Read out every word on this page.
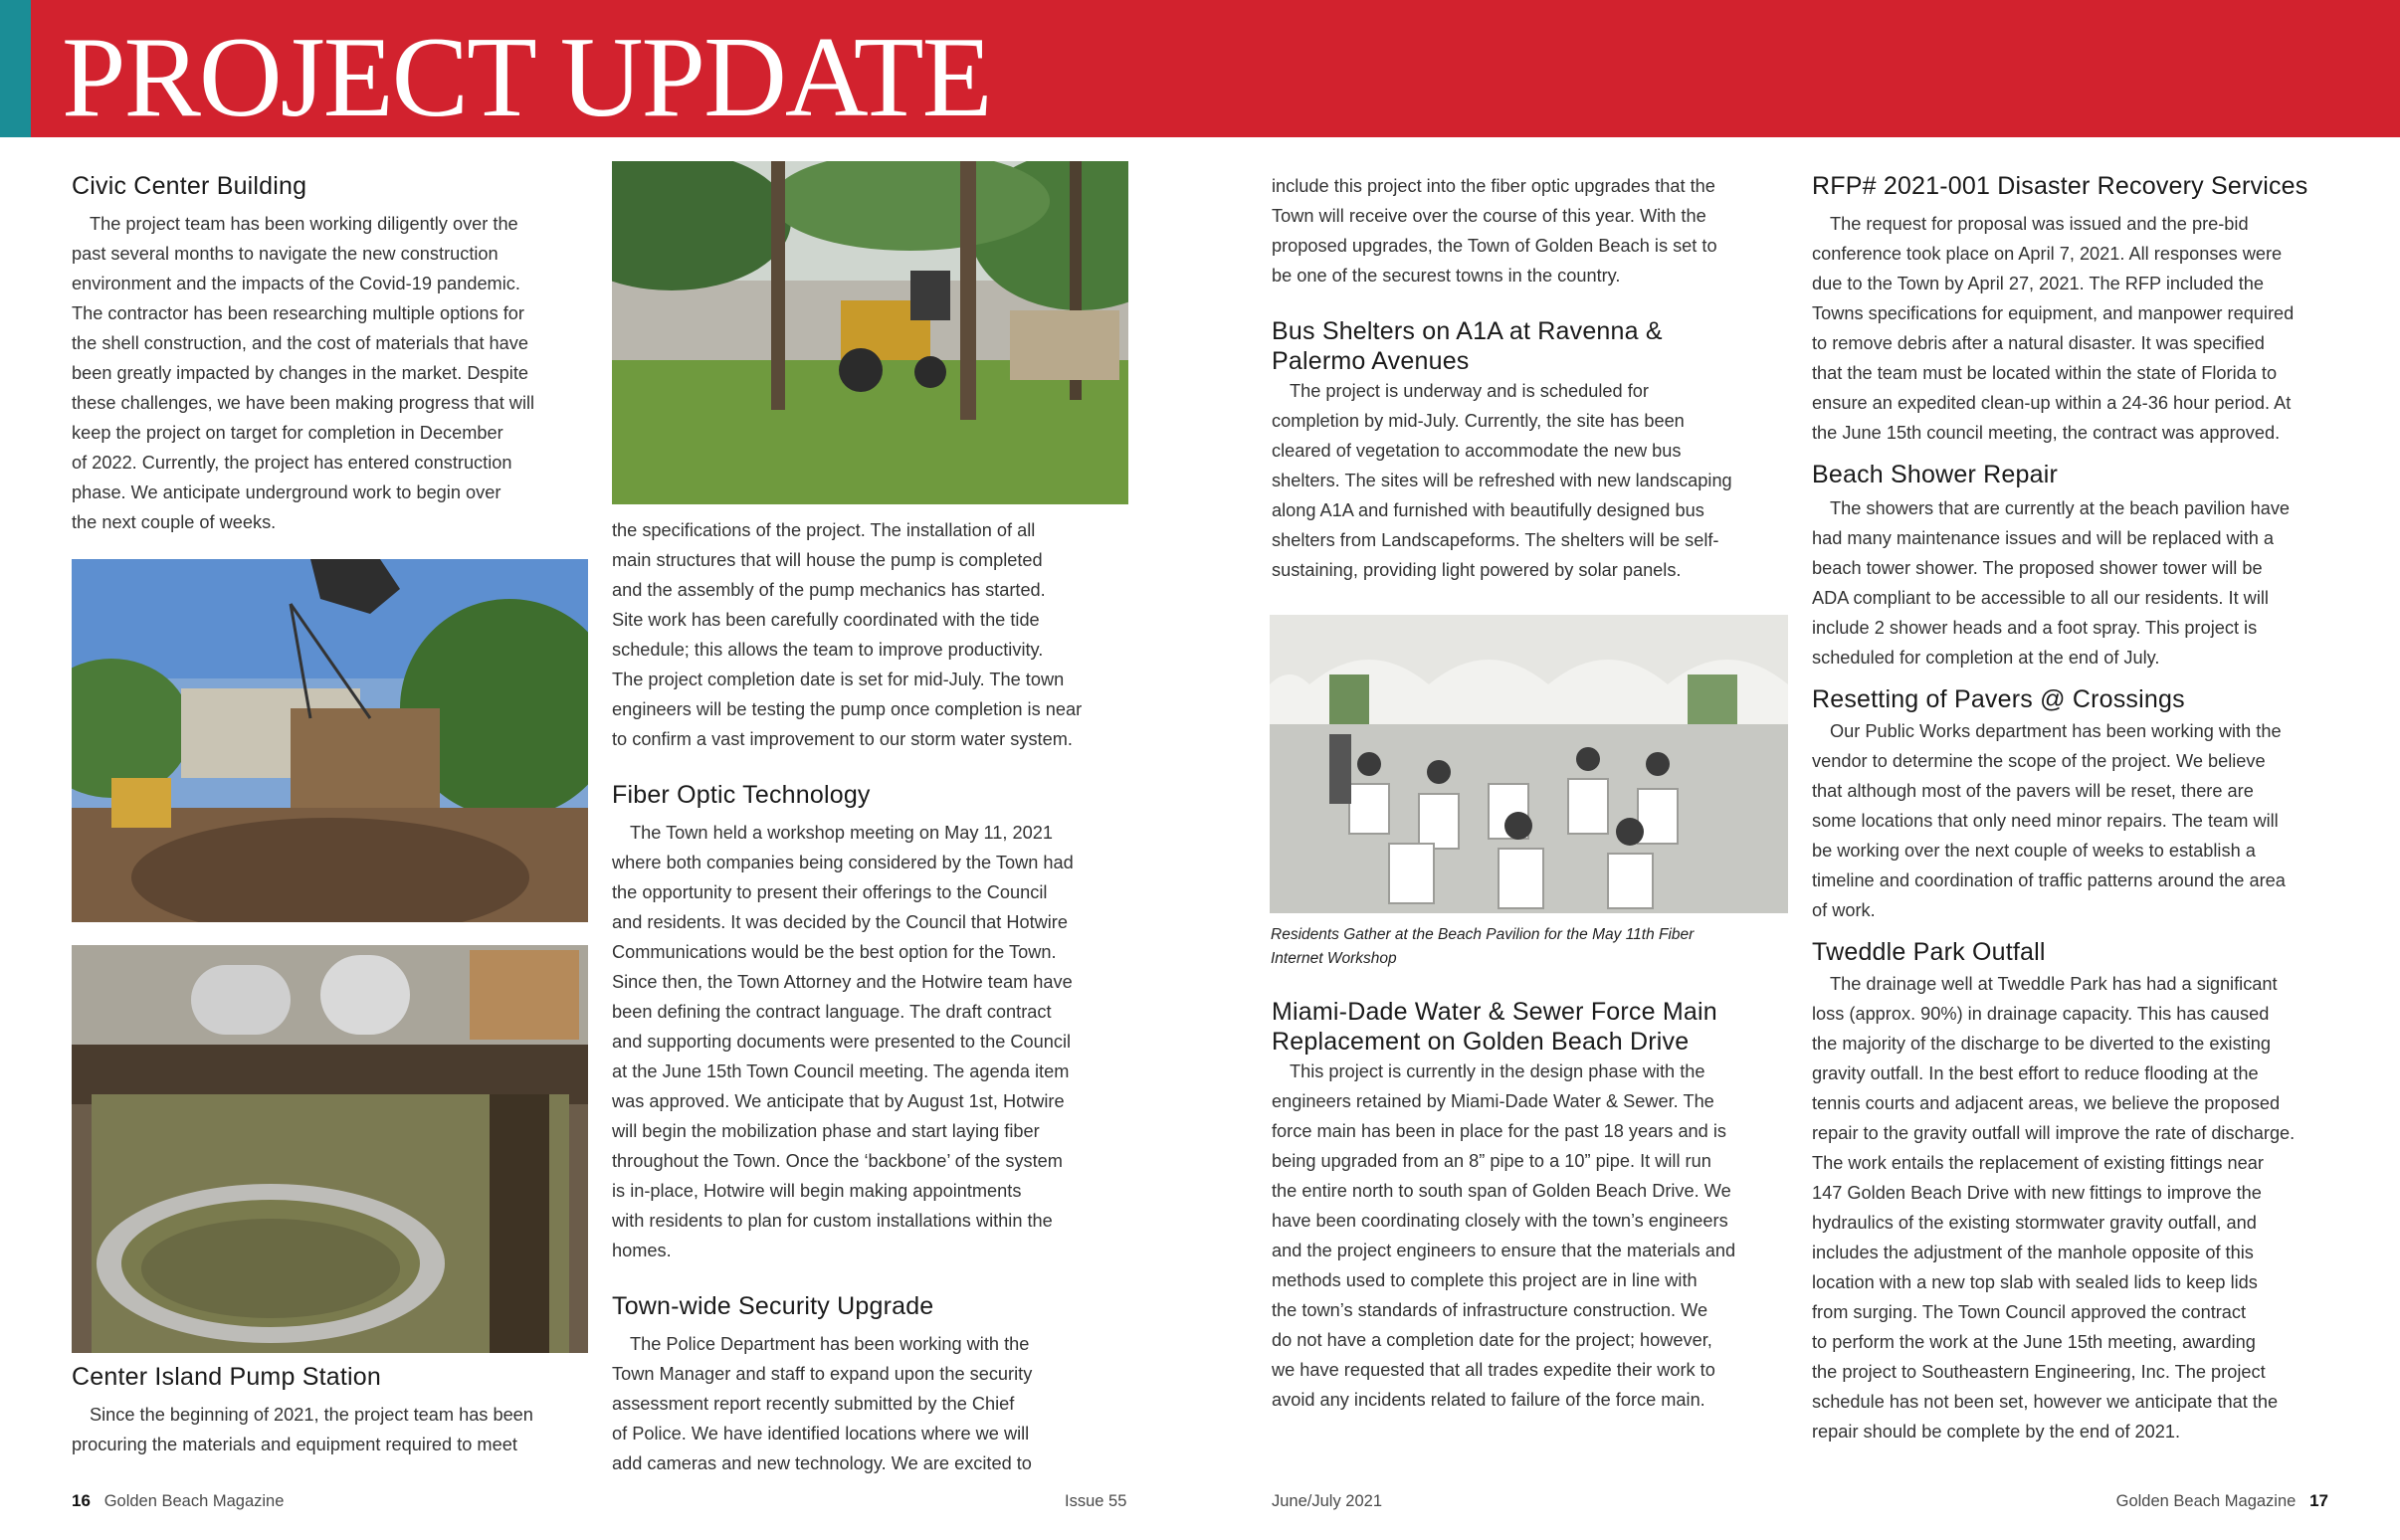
PROJECT UPDATE
Civic Center Building

The project team has been working diligently over the

past several months to navigate the new construction

environment and the impacts of the Covid-19 pandemic.

The contractor has been researching multiple options for

the shell construction, and the cost of materials that have

been greatly impacted by changes in the market. Despite

these challenges, we have been making progress that will

keep the project on target for completion in December

of 2022. Currently, the project has entered construction

phase. We anticipate underground work to begin over

the next couple of weeks.

Center Island Pump Station

Since the beginning of 2021, the project team has been

procuring the materials and equipment required to meet

the specifications of the project. The installation of all

main structures that will house the pump is completed

and the assembly of the pump mechanics has started.

Site work has been carefully coordinated with the tide

schedule; this allows the team to improve productivity.

The project completion date is set for mid-July. The town

engineers will be testing the pump once completion is near

to confirm a vast improvement to our storm water system.

Fiber Optic Technology

The Town held a workshop meeting on May 11, 2021

where both companies being considered by the Town had

the opportunity to present their offerings to the Council

and residents. It was decided by the Council that Hotwire

Communications would be the best option for the Town.

Since then, the Town Attorney and the Hotwire team have

been defining the contract language. The draft contract

and supporting documents were presented to the Council

at the June 15th Town Council meeting. The agenda item

was approved. We anticipate that by August 1st, Hotwire

will begin the mobilization phase and start laying fiber

throughout the Town. Once the ‘backbone’ of the system

is in-place, Hotwire will begin making appointments

with residents to plan for custom installations within the

homes.

Town-wide Security Upgrade

The Police Department has been working with the

Town Manager and staff to expand upon the security

assessment report recently submitted by the Chief

of Police. We have identified locations where we will

add cameras and new technology. We are excited to

include this project into the fiber optic upgrades that the

Town will receive over the course of this year. With the

proposed upgrades, the Town of Golden Beach is set to

be one of the securest towns in the country.

Bus Shelters on A1A at Ravenna &
Palermo Avenues

The project is underway and is scheduled for

completion by mid-July. Currently, the site has been

cleared of vegetation to accommodate the new bus

shelters. The sites will be refreshed with new landscaping

along A1A and furnished with beautifully designed bus

shelters from Landscapeforms. The shelters will be self-

sustaining, providing light powered by solar panels.

Residents Gather at the Beach Pavilion for the May 11th Fiber
Internet Workshop
Miami-Dade Water & Sewer Force Main
Replacement on Golden Beach Drive

This project is currently in the design phase with the

engineers retained by Miami-Dade Water & Sewer. The

force main has been in place for the past 18 years and is

being upgraded from an 8” pipe to a 10” pipe. It will run

the entire north to south span of Golden Beach Drive. We

have been coordinating closely with the town’s engineers

and the project engineers to ensure that the materials and

methods used to complete this project are in line with

the town’s standards of infrastructure construction. We

do not have a completion date for the project; however,

we have requested that all trades expedite their work to

avoid any incidents related to failure of the force main.

RFP# 2021-001 Disaster Recovery Services

The request for proposal was issued and the pre-bid

conference took place on April 7, 2021. All responses were

due to the Town by April 27, 2021. The RFP included the

Towns specifications for equipment, and manpower required

to remove debris after a natural disaster. It was specified

that the team must be located within the state of Florida to

ensure an expedited clean-up within a 24-36 hour period. At

the June 15th council meeting, the contract was approved.

Beach Shower Repair

The showers that are currently at the beach pavilion have

had many maintenance issues and will be replaced with a

beach tower shower. The proposed shower tower will be

ADA compliant to be accessible to all our residents. It will

include 2 shower heads and a foot spray. This project is

scheduled for completion at the end of July.

Resetting of Pavers @ Crossings

Our Public Works department has been working with the

vendor to determine the scope of the project. We believe

that although most of the pavers will be reset, there are

some locations that only need minor repairs. The team will

be working over the next couple of weeks to establish a

timeline and coordination of traffic patterns around the area

of work.

Tweddle Park Outfall

The drainage well at Tweddle Park has had a significant

loss (approx. 90%) in drainage capacity. This has caused

the majority of the discharge to be diverted to the existing

gravity outfall. In the best effort to reduce flooding at the

tennis courts and adjacent areas, we believe the proposed

repair to the gravity outfall will improve the rate of discharge.

The work entails the replacement of existing fittings near

147 Golden Beach Drive with new fittings to improve the

hydraulics of the existing stormwater gravity outfall, and

includes the adjustment of the manhole opposite of this

location with a new top slab with sealed lids to keep lids

from surging. The Town Council approved the contract

to perform the work at the June 15th meeting, awarding

the project to Southeastern Engineering, Inc. The project

schedule has not been set, however we anticipate that the

repair should be complete by the end of 2021.

16 Golden Beach Magazine	Issue 55	June/July 2021	Golden Beach Magazine 17
